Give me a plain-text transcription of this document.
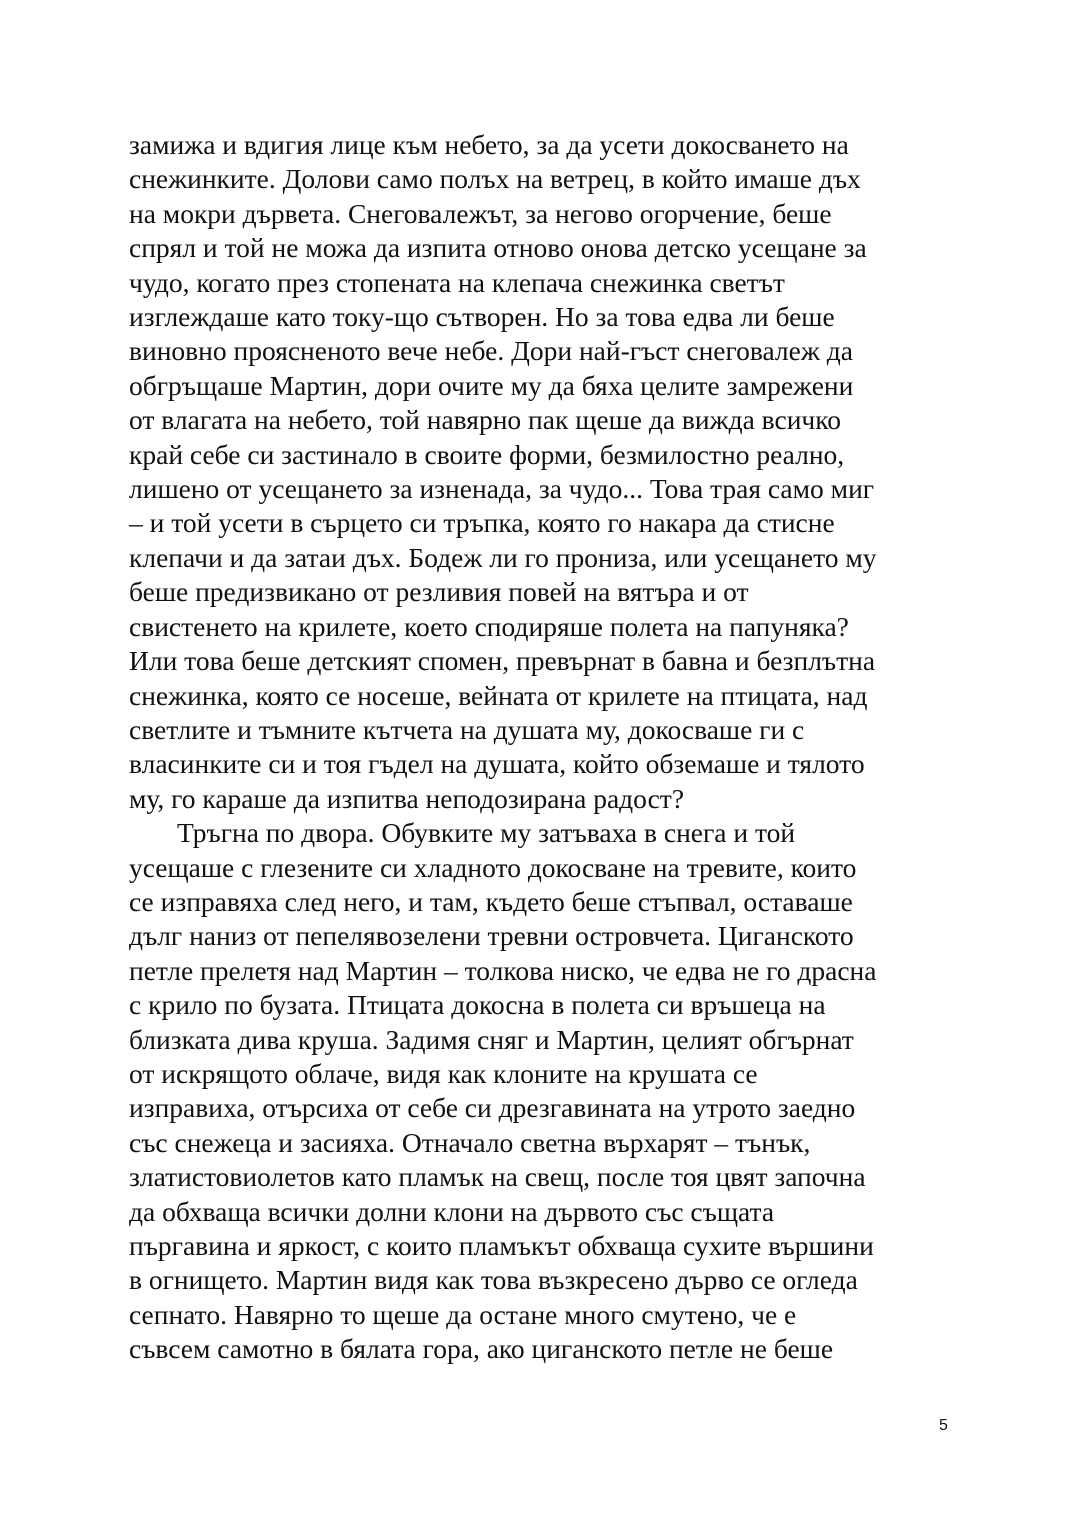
замижа и вдигия лице към небето, за да усети докосването на
снежинките. Долови само полъх на ветрец, в който имаше дъх
на мокри дървета. Снеговалежът, за негово огорчение, беше
спрял и той не можа да изпита отново онова детско усещане за
чудо, когато през стопената на клепача снежинка светът
изглеждаше като току-що сътворен. Но за това едва ли беше
виновно проясненото вече небе. Дори най-гъст снеговалеж да
обгръщаше Мартин, дори очите му да бяха целите замрежени
от влагата на небето, той навярно пак щеше да вижда всичко
край себе си застинало в своите форми, безмилостно реално,
лишено от усещането за изненада, за чудо... Това трая само миг
– и той усети в сърцето си тръпка, която го накара да стисне
клепачи и да затаи дъх. Бодеж ли го прониза, или усещането му
беше предизвикано от резливия повей на вятъра и от
свистенето на крилете, което сподиряше полета на папуняка?
Или това беше детският спомен, превърнат в бавна и безплътна
снежинка, която се носеше, вейната от крилете на птицата, над
светлите и тъмните кътчета на душата му, докосваше ги с
власинките си и тоя гъдел на душата, който обземаше и тялото
му, го караше да изпитва неподозирана радост?
Тръгна по двора. Обувките му затъваха в снега и той
усещаше с глезените си хладното докосване на тревите, които
се изправяха след него, и там, където беше стъпвал, оставаше
дълг наниз от пепелявозелени тревни островчета. Циганското
петле прелетя над Мартин – толкова ниско, че едва не го драсна
с крило по бузата. Птицата докосна в полета си връшеца на
близката дива круша. Задимя сняг и Мартин, целият обгърнат
от искрящото облаче, видя как клоните на крушата се
изправиха, отърсиха от себе си дрезгавината на утрото заедно
със снежеца и засияха. Отначало светна върхарят – тънък,
златистовиолетов като пламък на свещ, после тоя цвят започна
да обхваща всички долни клони на дървото със същата
пъргавина и яркост, с които пламъкът обхваща сухите вършини
в огнището. Мартин видя как това възкресено дърво се огледа
сепнато. Навярно то щеше да остане много смутено, че е
съвсем самотно в бялата гора, ако циганското петле не беше
5
